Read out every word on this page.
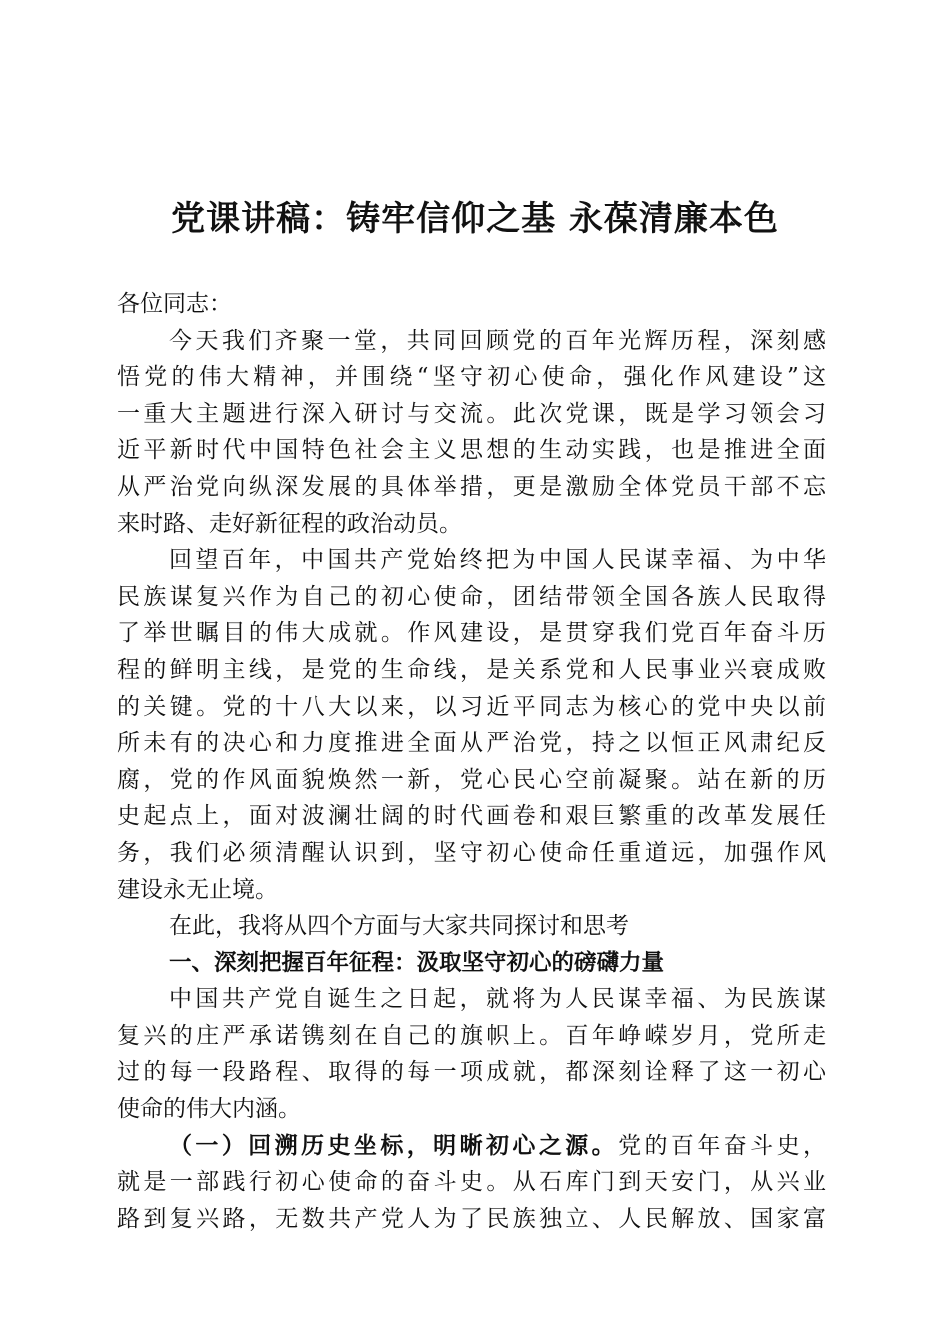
党课讲稿：铸牢信仰之基 永葆清廉本色
各位同志：
今天我们齐聚一堂，共同回顾党的百年光辉历程，深刻感
悟党的伟大精神，并围绕“坚守初心使命，强化作风建设”这
一重大主题进行深入研讨与交流。此次党课，既是学习领会习
近平新时代中国特色社会主义思想的生动实践，也是推进全面
从严治党向纵深发展的具体举措，更是激励全体党员干部不忘
来时路、走好新征程的政治动员。
回望百年，中国共产党始终把为中国人民谋幸福、为中华
民族谋复兴作为自己的初心使命，团结带领全国各族人民取得
了举世瞩目的伟大成就。作风建设，是贯穿我们党百年奋斗历
程的鲜明主线，是党的生命线，是关系党和人民事业兴衰成败
的关键。党的十八大以来，以习近平同志为核心的党中央以前
所未有的决心和力度推进全面从严治党，持之以恒正风肃纪反
腐，党的作风面貌焕然一新，党心民心空前凝聚。站在新的历
史起点上，面对波澜壮阔的时代画卷和艰巨繁重的改革发展任
务，我们必须清醒认识到，坚守初心使命任重道远，加强作风
建设永无止境。
在此，我将从四个方面与大家共同探讨和思考
一、深刻把握百年征程：汲取坚守初心的磅礴力量
中国共产党自诞生之日起，就将为人民谋幸福、为民族谋
复兴的庄严承诺镌刻在自己的旗帜上。百年峥嵘岁月，党所走
过的每一段路程、取得的每一项成就，都深刻诠释了这一初心
使命的伟大内涵。
（一）回溯历史坐标，明晰初心之源。党的百年奋斗史，
就是一部践行初心使命的奋斗史。从石库门到天安门，从兴业
路到复兴路，无数共产党人为了民族独立、人民解放、国家富
